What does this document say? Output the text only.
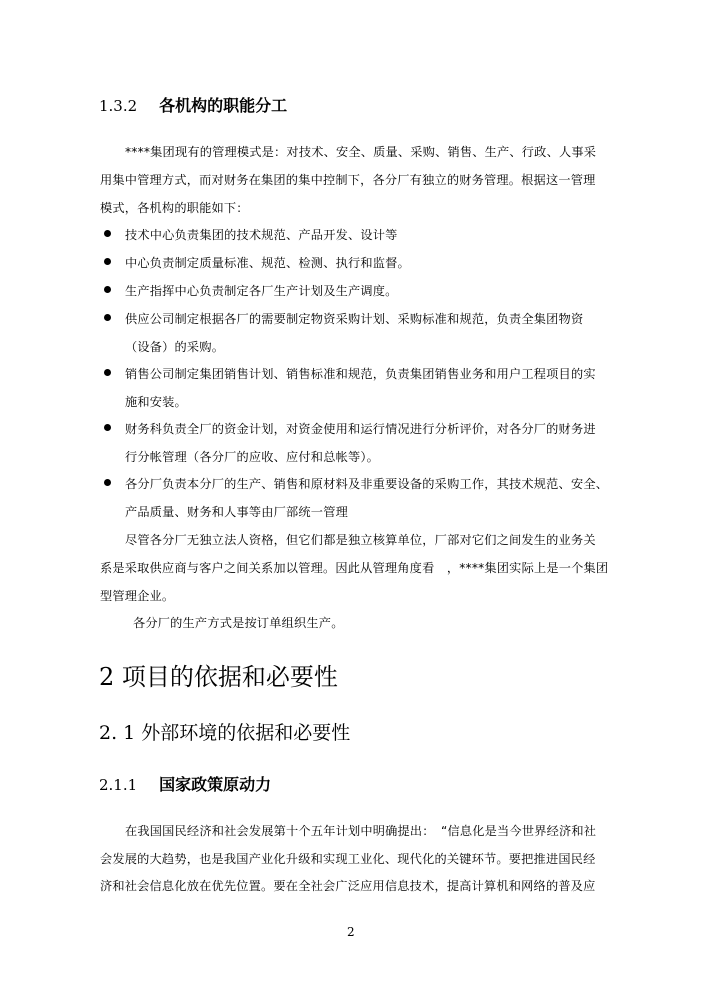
1.3.2 各机构的职能分工
****集团现有的管理模式是：对技术、安全、质量、采购、销售、生产、行政、人事采
用集中管理方式，而对财务在集团的集中控制下，各分厂有独立的财务管理。根据这一管理
模式，各机构的职能如下：
技术中心负责集团的技术规范、产品开发、设计等
中心负责制定质量标准、规范、检测、执行和监督。
生产指挥中心负责制定各厂生产计划及生产调度。
供应公司制定根据各厂的需要制定物资采购计划、采购标准和规范，负责全集团物资
（设备）的采购。
销售公司制定集团销售计划、销售标准和规范，负责集团销售业务和用户工程项目的实
施和安装。
财务科负责全厂的资金计划，对资金使用和运行情况进行分析评价，对各分厂的财务进
行分帐管理（各分厂的应收、应付和总帐等）。
各分厂负责本分厂的生产、销售和原材料及非重要设备的采购工作，其技术规范、安全、
产品质量、财务和人事等由厂部统一管理
尽管各分厂无独立法人资格，但它们都是独立核算单位，厂部对它们之间发生的业务关
系是采取供应商与客户之间关系加以管理。因此从管理角度看　，****集团实际上是一个集团
型管理企业。
各分厂的生产方式是按订单组织生产。
2 项目的依据和必要性
2. 1 外部环境的依据和必要性
2.1.1 国家政策原动力
在我国国民经济和社会发展第十个五年计划中明确提出：　“信息化是当今世界经济和社
会发展的大趋势，也是我国产业化升级和实现工业化、现代化的关键环节。要把推进国民经
济和社会信息化放在优先位置。要在全社会广泛应用信息技术，提高计算机和网络的普及应
2
